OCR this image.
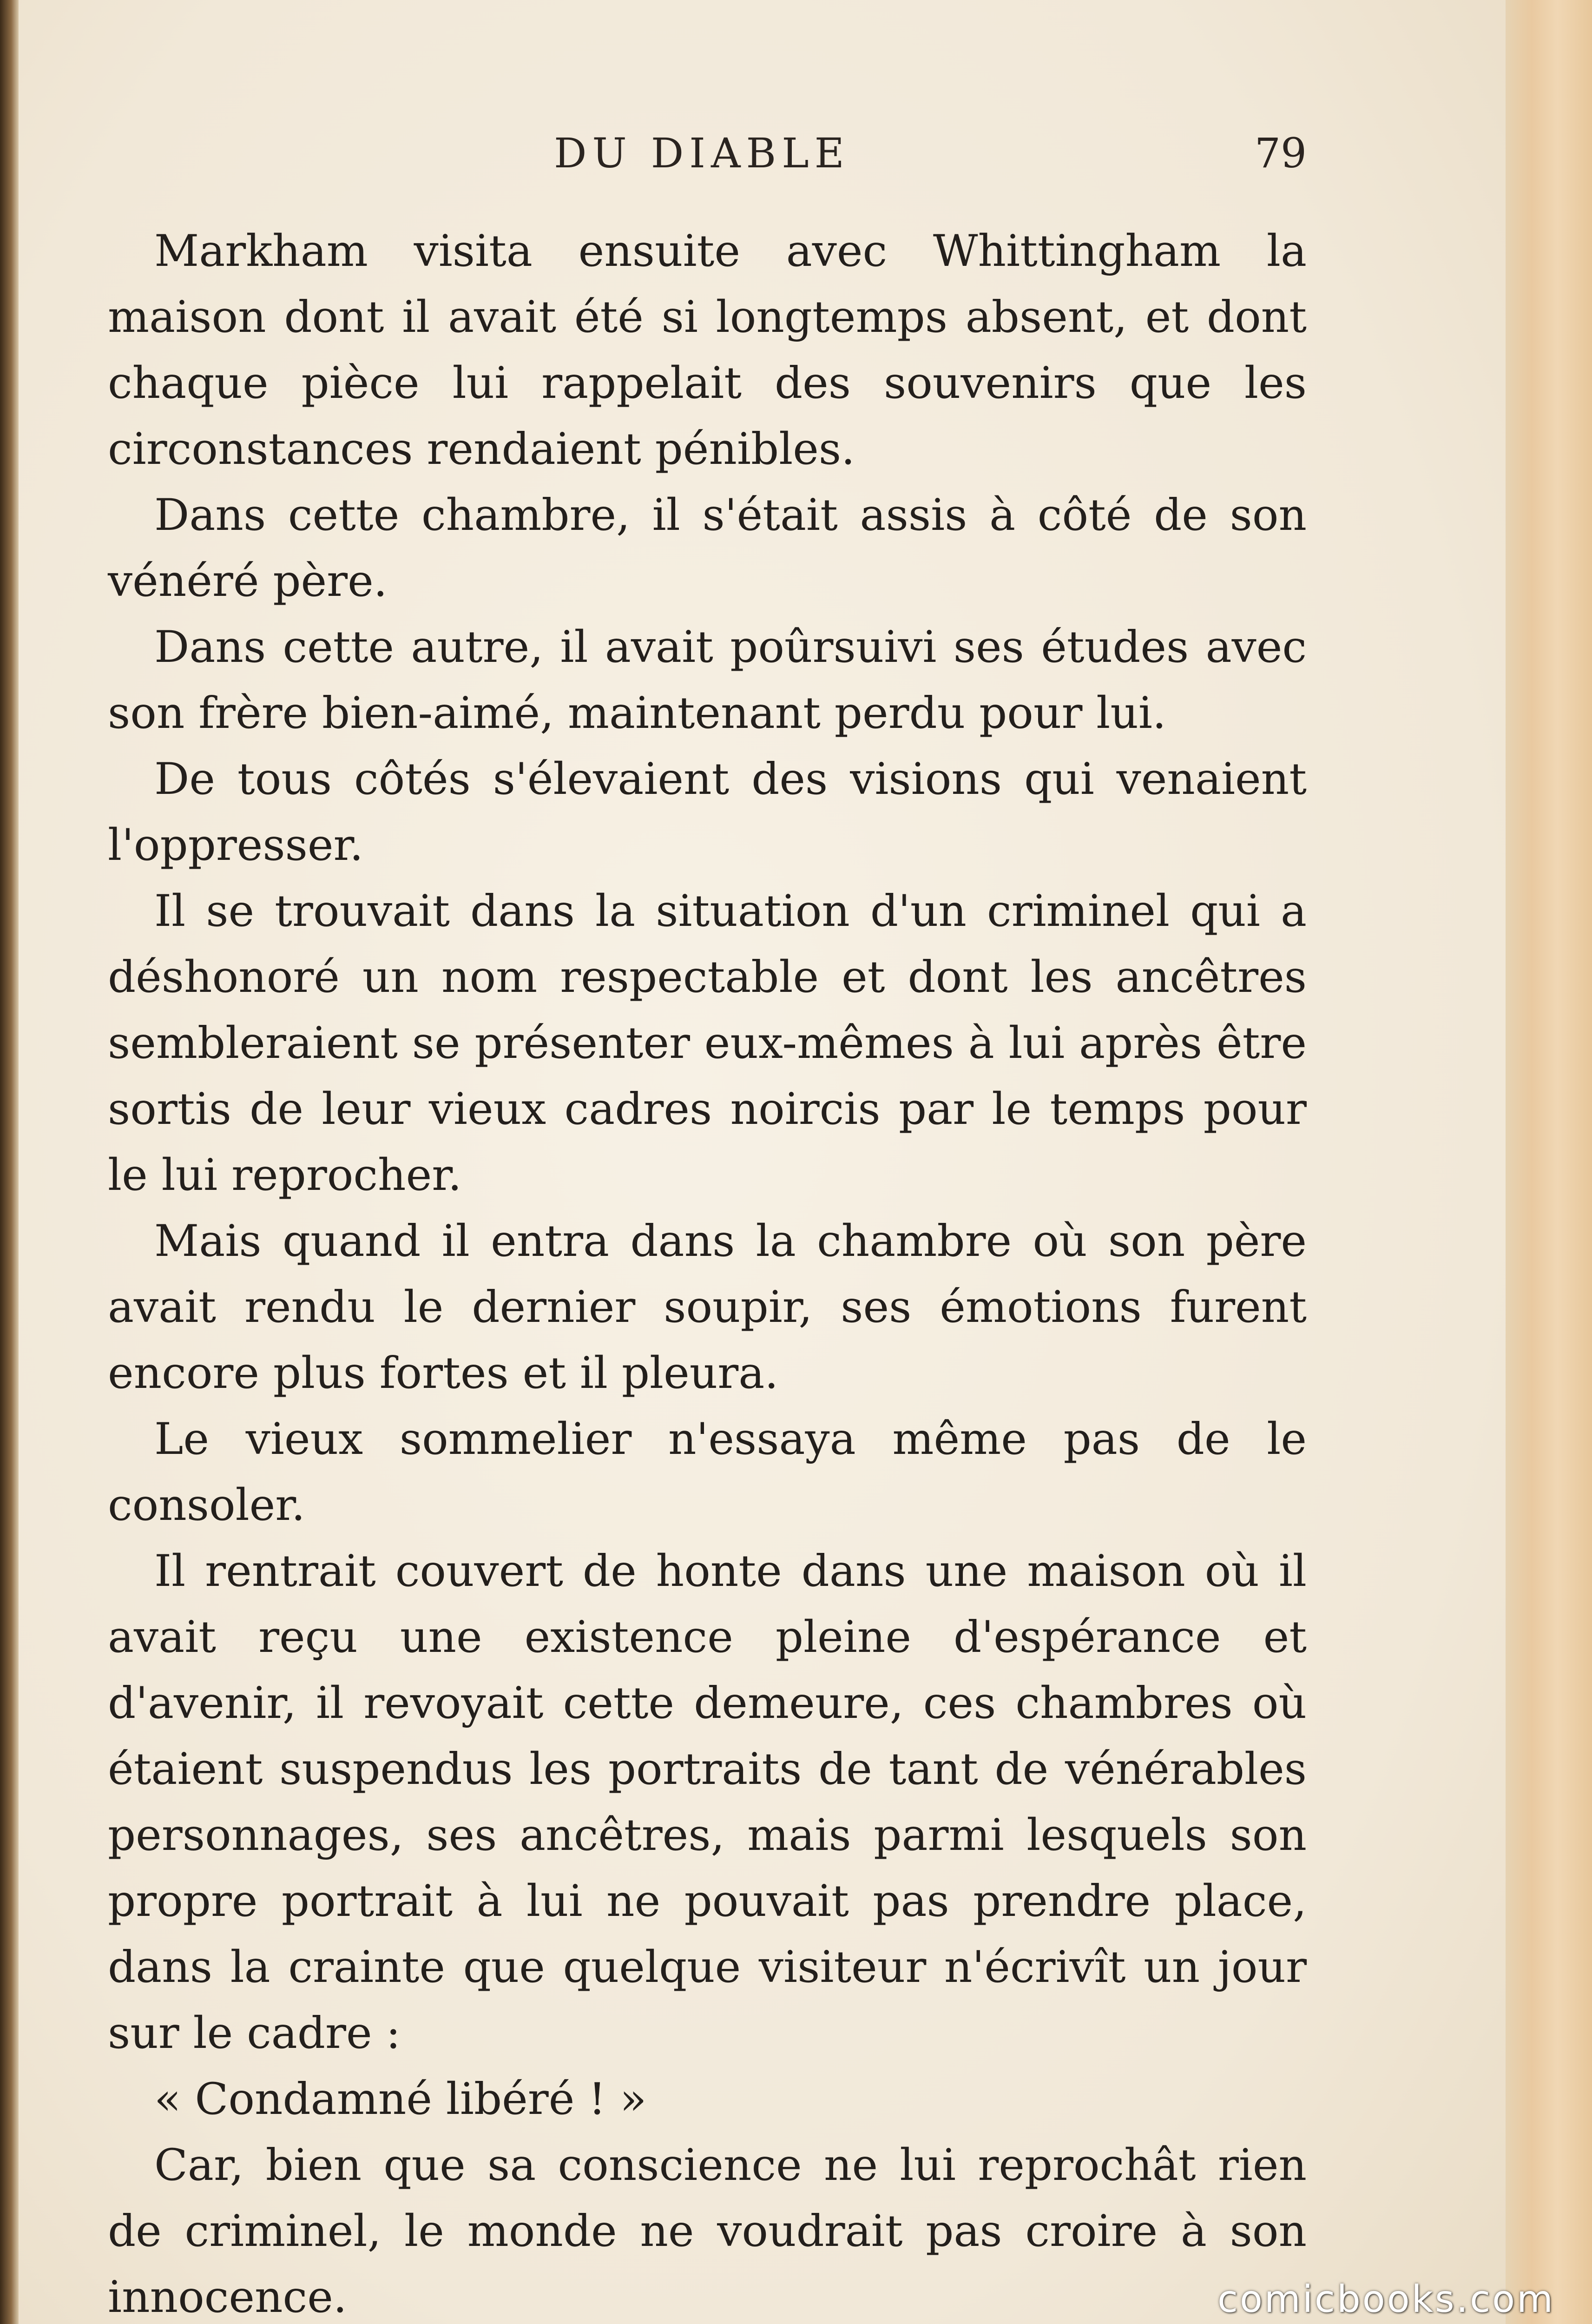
DU DIABLE	79

Markham visita ensuite avec Whittingham la maison dont il avait été si longtemps absent, et dont chaque pièce lui rappelait des souvenirs que les circonstances rendaient pénibles.

Dans cette chambre, il s'était assis à côté de son vénéré père.

Dans cette autre, il avait poûrsuivi ses études avec son frère bien-aimé, maintenant perdu pour lui.

De tous côtés s'élevaient des visions qui venaient l'oppresser.

Il se trouvait dans la situation d'un criminel qui a déshonoré un nom respectable et dont les ancêtres sembleraient se présenter eux-mêmes à lui après être sortis de leur vieux cadres noircis par le temps pour le lui reprocher.

Mais quand il entra dans la chambre où son père avait rendu le dernier soupir, ses émotions furent encore plus fortes et il pleura.

Le vieux sommelier n'essaya même pas de le consoler.

Il rentrait couvert de honte dans une maison où il avait reçu une existence pleine d'espérance et d'avenir, il revoyait cette demeure, ces chambres où étaient suspendus les portraits de tant de vénérables personnages, ses ancêtres, mais parmi lesquels son propre portrait à lui ne pouvait pas prendre place, dans la crainte que quelque visiteur n'écrivît un jour sur le cadre :

« Condamné libéré ! »

Car, bien que sa conscience ne lui reprochât rien de criminel, le monde ne voudrait pas croire à son innocence.	comicbooks.com
